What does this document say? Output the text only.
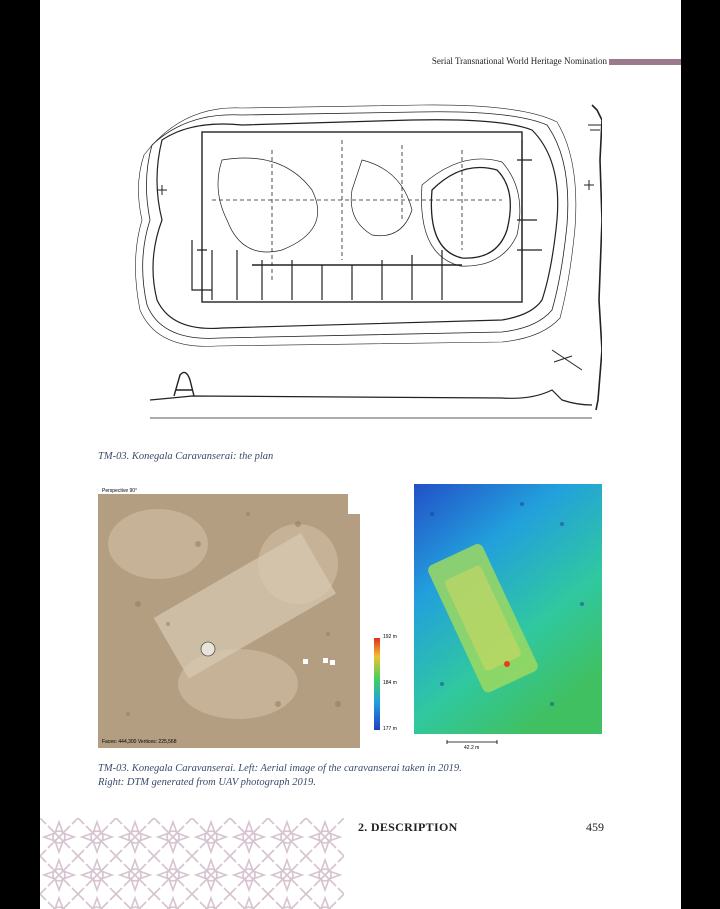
Serial Transnational World Heritage Nomination
TM-03. Konegala Caravanserai: the plan
Perspective 90°
Faces: 444,300 Vertices: 225,568
192 m
184 m
177 m
42.2 m
TM-03. Konegala Caravanserai. Left: Aerial image of the caravanserai taken in 2019.
Right: DTM generated from UAV photograph 2019.
2. DESCRIPTION	459
